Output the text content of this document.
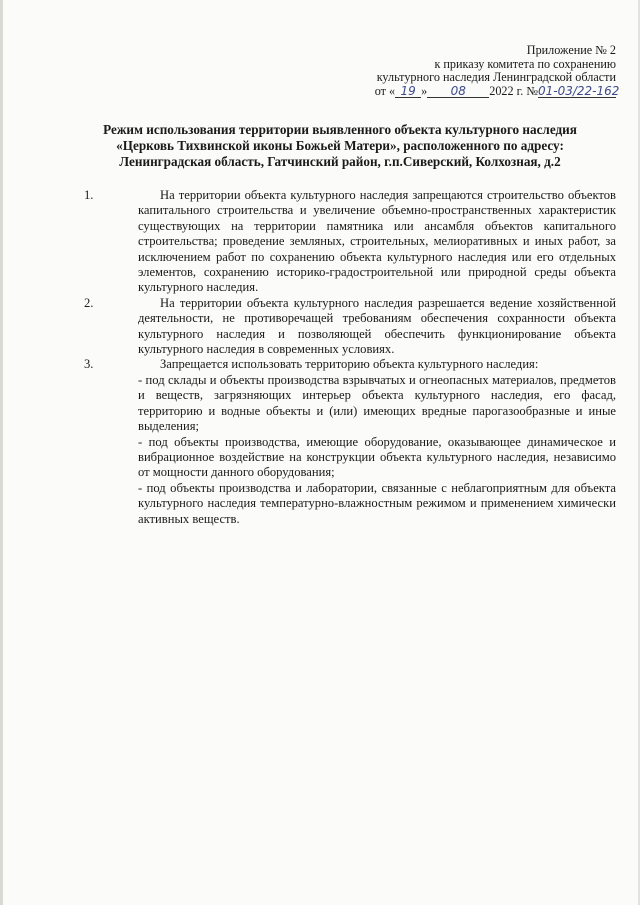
Приложение № 2
к приказу комитета по сохранению
культурного наследия Ленинградской области
от « 19 » 08 2022 г. №01-03/22-162
Режим использования территории выявленного объекта культурного наследия
«Церковь Тихвинской иконы Божьей Матери», расположенного по адресу:
Ленинградская область, Гатчинский район, г.п.Сиверский, Колхозная, д.2
1.	На территории объекта культурного наследия запрещаются строительство объектов капитального строительства и увеличение объемно-пространственных характеристик существующих на территории памятника или ансамбля объектов капитального строительства; проведение земляных, строительных, мелиоративных и иных работ, за исключением работ по сохранению объекта культурного наследия или его отдельных элементов, сохранению историко-градостроительной или природной среды объекта культурного наследия.

2.	На территории объекта культурного наследия разрешается ведение хозяйственной деятельности, не противоречащей требованиям обеспечения сохранности объекта культурного наследия и позволяющей обеспечить функционирование объекта культурного наследия в современных условиях.

3.	Запрещается использовать территорию объекта культурного наследия:

- под склады и объекты производства взрывчатых и огнеопасных материалов, предметов и веществ, загрязняющих интерьер объекта культурного наследия, его фасад, территорию и водные объекты и (или) имеющих вредные парогазообразные и иные выделения;
- под объекты производства, имеющие оборудование, оказывающее динамическое и вибрационное воздействие на конструкции объекта культурного наследия, независимо от мощности данного оборудования;
- под объекты производства и лаборатории, связанные с неблагоприятным для объекта культурного наследия температурно-влажностным режимом и применением химически активных веществ.
